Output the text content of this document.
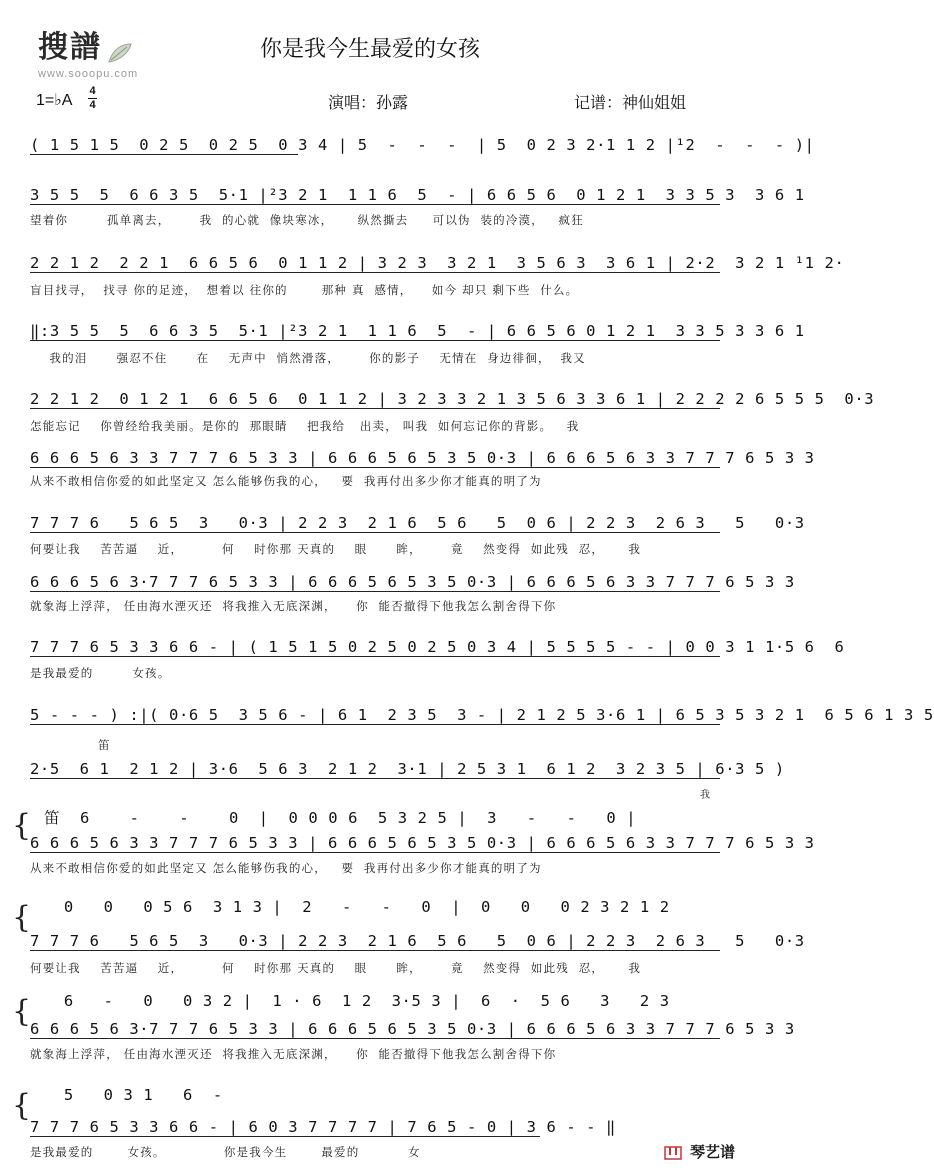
搜譜
www.sooopu.com
你是我今生最爱的女孩
1=♭A
4
4	演唱：孙露	记谱：神仙姐姐
( 1 5 1 5  0 2 5  0 2 5  0 3 4 | 5  -  -  -  | 5  0 2 3 2·1 1 2 |¹2  -  -  - )|
3 5 5  5  6 6 3 5  5·1 |²3 2 1  1 1 6  5  - | 6 6 5 6  0 1 2 1  3 3 5 3  3 6 1
望着你        孤单离去，      我  的心就  像块寒冰，     纵然撕去     可以伪  装的冷漠，   疯狂
2 2 1 2  2 2 1  6 6 5 6  0 1 1 2 | 3 2 3  3 2 1  3 5 6 3  3 6 1 | 2·2  3 2 1 ¹1 2·
盲目找寻，  找寻 你的足迹，  想着以 往你的       那种 真  感情，    如今 却只 剩下些  什么。
‖:3 5 5  5  6 6 3 5  5·1 |²3 2 1  1 1 6  5  - | 6 6 5 6 0 1 2 1  3 3 5 3 3 6 1
我的泪      强忍不住      在    无声中  悄然滑落，      你的影子    无情在  身边徘徊，  我又
2 2 1 2  0 1 2 1  6 6 5 6  0 1 1 2 | 3 2 3 3 2 1 3 5 6 3 3 6 1 | 2 2 2 2 6 5 5 5  0·3
怎能忘记    你曾经给我美丽。是你的  那眼睛    把我给   出卖， 叫我  如何忘记你的背影。   我
6 6 6 5 6 3 3 7 7 7 6 5 3 3 | 6 6 6 5 6 5 3 5 0·3 | 6 6 6 5 6 3 3 7 7 7 6 5 3 3
从来不敢相信你爱的如此坚定又 怎么能够伤我的心，   要  我再付出多少你才能真的明了为
7 7 7 6   5 6 5  3   0·3 | 2 2 3  2 1 6  5 6   5  0 6 | 2 2 3  2 6 3   5   0·3
何要让我    苦苦逼    近，        何    时你那 天真的    眼      眸，      竟    然变得  如此残  忍，     我
6 6 6 5 6 3·7 7 7 6 5 3 3 | 6 6 6 5 6 5 3 5 0·3 | 6 6 6 5 6 3 3 7 7 7 6 5 3 3
就象海上浮萍， 任由海水湮灭还  将我推入无底深渊，    你  能否撤得下他我怎么割舍得下你
7 7 7 6 5 3 3 6 6 - | ( 1 5 1 5 0 2 5 0 2 5 0 3 4 | 5 5 5 5 - - | 0 0 3 1 1·5 6  6
是我最爱的        女孩。
5 - - - ) :|( 0·6 5  3 5 6 - | 6 1  2 3 5  3 - | 2 1 2 5 3·6 1 | 6 5 3 5 3 2 1  6 5 6 1 3 5
笛
2·5  6 1  2 1 2 | 3·6  5 6 3  2 1 2  3·1 | 2 5 3 1  6 1 2  3 2 3 5 | 6·3 5 )
我
{ 笛  6    -    -    0  |  0 0 0 6  5 3 2 5 |  3   -   -   0 |
6 6 6 5 6 3 3 7 7 7 6 5 3 3 | 6 6 6 5 6 5 3 5 0·3 | 6 6 6 5 6 3 3 7 7 7 6 5 3 3
从来不敢相信你爱的如此坚定又 怎么能够伤我的心，   要  我再付出多少你才能真的明了为
{ 0   0   0 5 6  3 1 3 |  2   -   -   0  |  0   0   0 2 3 2 1 2
7 7 7 6   5 6 5  3   0·3 | 2 2 3  2 1 6  5 6   5  0 6 | 2 2 3  2 6 3   5   0·3
何要让我    苦苦逼    近，        何    时你那 天真的    眼      眸，      竟    然变得  如此残  忍，     我
{ 6   -   0   0 3 2 |  1 · 6  1 2  3·5 3 |  6  ·  5 6   3   2 3
6 6 6 5 6 3·7 7 7 6 5 3 3 | 6 6 6 5 6 5 3 5 0·3 | 6 6 6 5 6 3 3 7 7 7 6 5 3 3
就象海上浮萍， 任由海水湮灭还  将我推入无底深渊，    你  能否撤得下他我怎么割舍得下你
{ 5   0 3 1   6  -
7 7 7 6 5 3 3 6 6 - | 6 0 3 7 7 7 7 | 7 6 5 - 0 | 3 6 - - ‖
是我最爱的       女孩。            你是我今生       最爱的          女	琴艺谱
